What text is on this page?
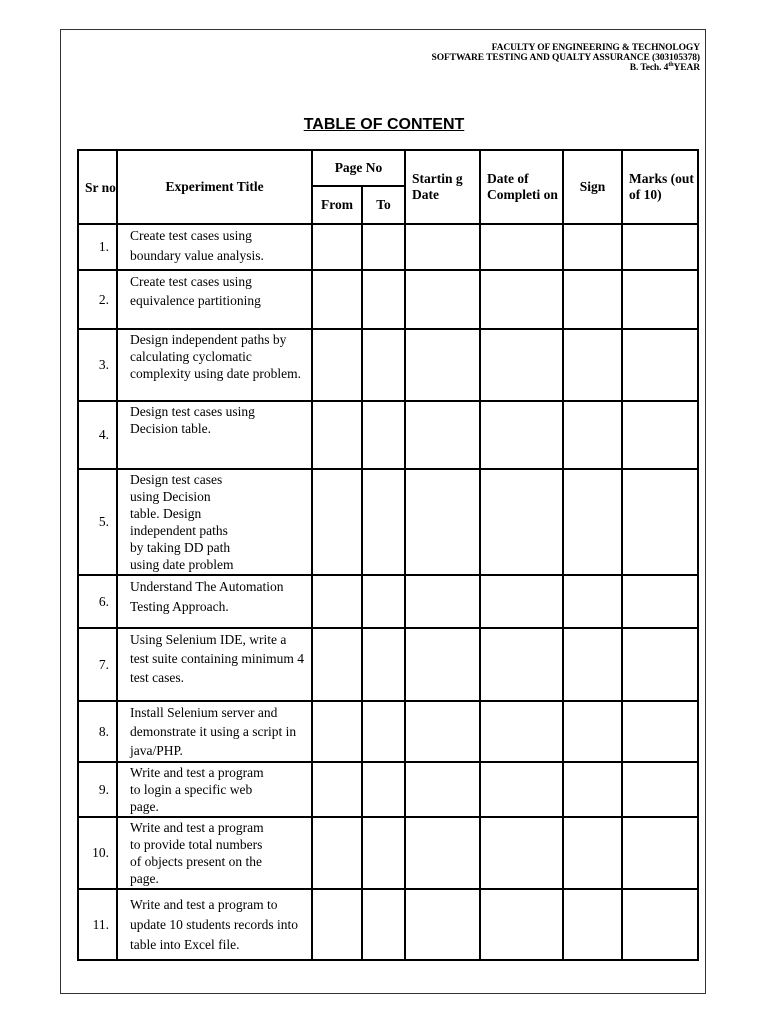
FACULTY OF ENGINEERING & TECHNOLOGY
SOFTWARE TESTING AND QUALTY ASSURANCE (303105378)
B. Tech. 4thYEAR
TABLE OF CONTENT
Sr no	Experiment Title	Page No		Startin g Date	Date of Completi on	Sign	Marks (out of 10)
		From	To				
1.	Create test cases using boundary value analysis.						
2.	Create test cases using equivalence partitioning						
3.	Design independent paths by calculating cyclomatic complexity using date problem.						
4.	Design test cases using Decision table.						
5.	Design test cases using Decision table. Design independent paths by taking DD path using date problem						
6.	Understand The Automation Testing Approach.						
7.	Using Selenium IDE, write a test suite containing minimum 4 test cases.						
8.	Install Selenium server and demonstrate it using a script in java/PHP.						
9.	Write and test a program to login a specific web page.						
10.	Write and test a program to provide total numbers of objects present on the page.						
11.	Write and test a program to update 10 students records into table into Excel file.						
